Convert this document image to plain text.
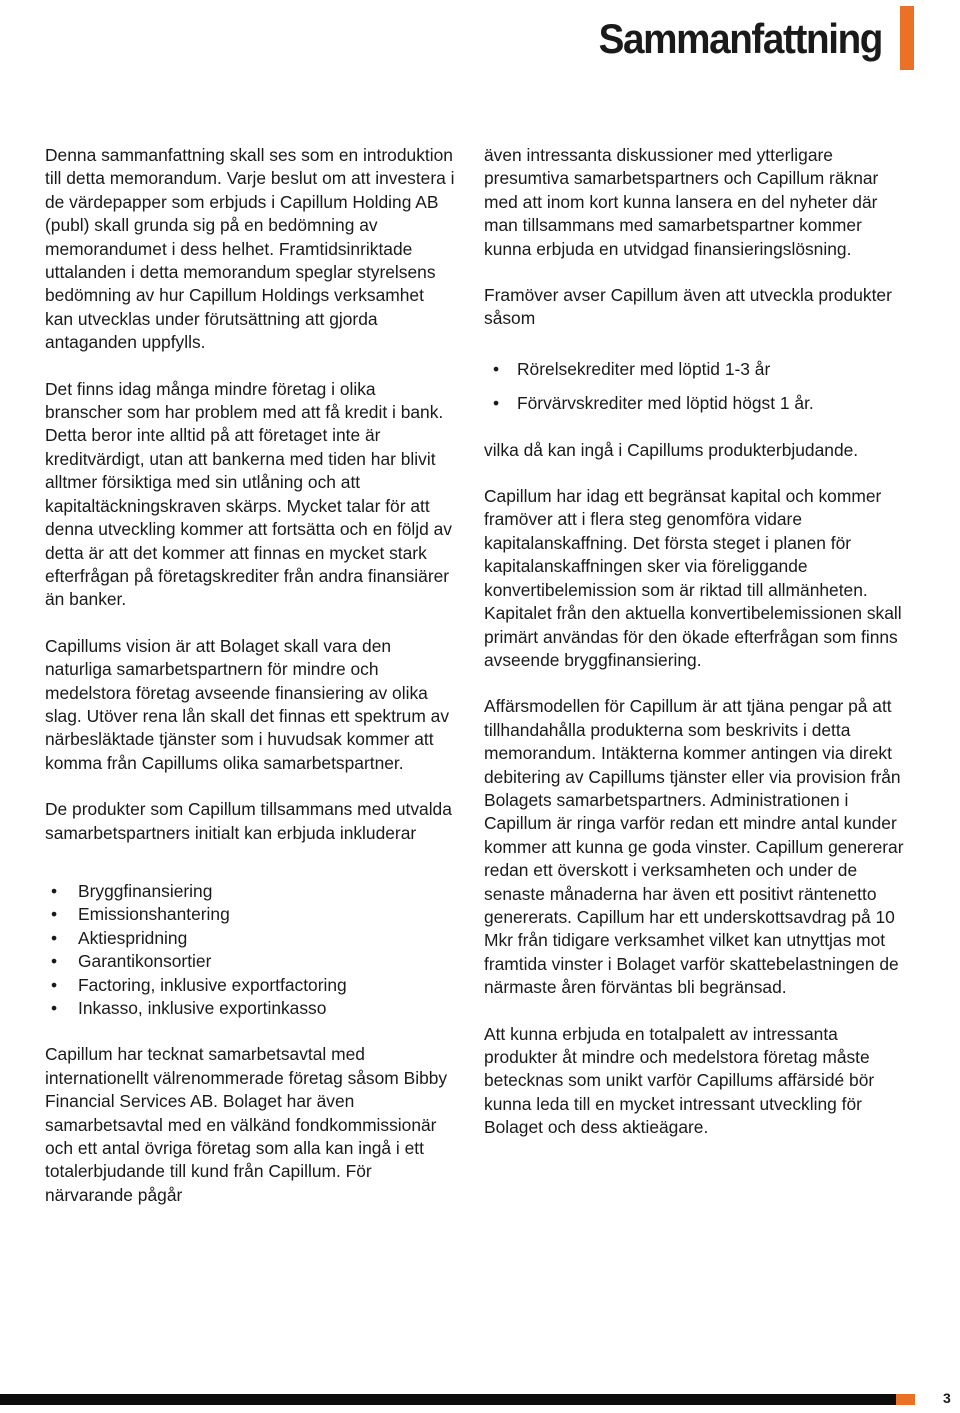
Sammanfattning

Denna sammanfattning skall ses som en introduktion till detta memorandum. Varje beslut om att investera i de värdepapper som erbjuds i Capillum Holding AB (publ) skall grunda sig på en bedömning av memorandumet i dess helhet. Framtidsinriktade uttalanden i detta memorandum speglar styrelsens bedömning av hur Capillum Holdings verksamhet kan utvecklas under förutsättning att gjorda antaganden uppfylls.

Det finns idag många mindre företag i olika branscher som har problem med att få kredit i bank. Detta beror inte alltid på att företaget inte är kreditvärdigt, utan att bankerna med tiden har blivit alltmer försiktiga med sin utlåning och att kapitaltäckningskraven skärps. Mycket talar för att denna utveckling kommer att fortsätta och en följd av detta är att det kommer att finnas en mycket stark efterfrågan på företagskrediter från andra finansiärer än banker.

Capillums vision är att Bolaget skall vara den naturliga samarbetspartnern för mindre och medelstora företag avseende finansiering av olika slag. Utöver rena lån skall det finnas ett spektrum av närbesläktade tjänster som i huvudsak kommer att komma från Capillums olika samarbetspartner.

De produkter som Capillum tillsammans med utvalda samarbetspartners initialt kan erbjuda inkluderar

• Bryggfinansiering
• Emissionshantering
• Aktiespridning
• Garantikonsortier
• Factoring, inklusive exportfactoring
• Inkasso, inklusive exportinkasso

Capillum har tecknat samarbetsavtal med internationellt välrenommerade företag såsom Bibby Financial Services AB. Bolaget har även samarbetsavtal med en välkänd fondkommissionär och ett antal övriga företag som alla kan ingå i ett totalerbjudande till kund från Capillum. För närvarande pågår

även intressanta diskussioner med ytterligare presumtiva samarbetspartners och Capillum räknar med att inom kort kunna lansera en del nyheter där man tillsammans med samarbetspartner kommer kunna erbjuda en utvidgad finansieringslösning.

Framöver avser Capillum även att utveckla produkter såsom

• Rörelsekrediter med löptid 1-3 år
• Förvärvskrediter med löptid högst 1 år.

vilka då kan ingå i Capillums produkterbjudande.

Capillum har idag ett begränsat kapital och kommer framöver att i flera steg genomföra vidare kapitalanskaffning. Det första steget i planen för kapitalanskaffningen sker via föreliggande konvertibelemission som är riktad till allmänheten. Kapitalet från den aktuella konvertibelemissionen skall primärt användas för den ökade efterfrågan som finns avseende bryggfinansiering.

Affärsmodellen för Capillum är att tjäna pengar på att tillhandahålla produkterna som beskrivits i detta memorandum. Intäkterna kommer antingen via direkt debitering av Capillums tjänster eller via provision från Bolagets samarbetspartners. Administrationen i Capillum är ringa varför redan ett mindre antal kunder kommer att kunna ge goda vinster. Capillum genererar redan ett överskott i verksamheten och under de senaste månaderna har även ett positivt räntenetto genererats. Capillum har ett underskottsavdrag på 10 Mkr från tidigare verksamhet vilket kan utnyttjas mot framtida vinster i Bolaget varför skattebelastningen de närmaste åren förväntas bli begränsad.

Att kunna erbjuda en totalpalett av intressanta produkter åt mindre och medelstora företag måste betecknas som unikt varför Capillums affärsidé bör kunna leda till en mycket intressant utveckling för Bolaget och dess aktieägare.

3
